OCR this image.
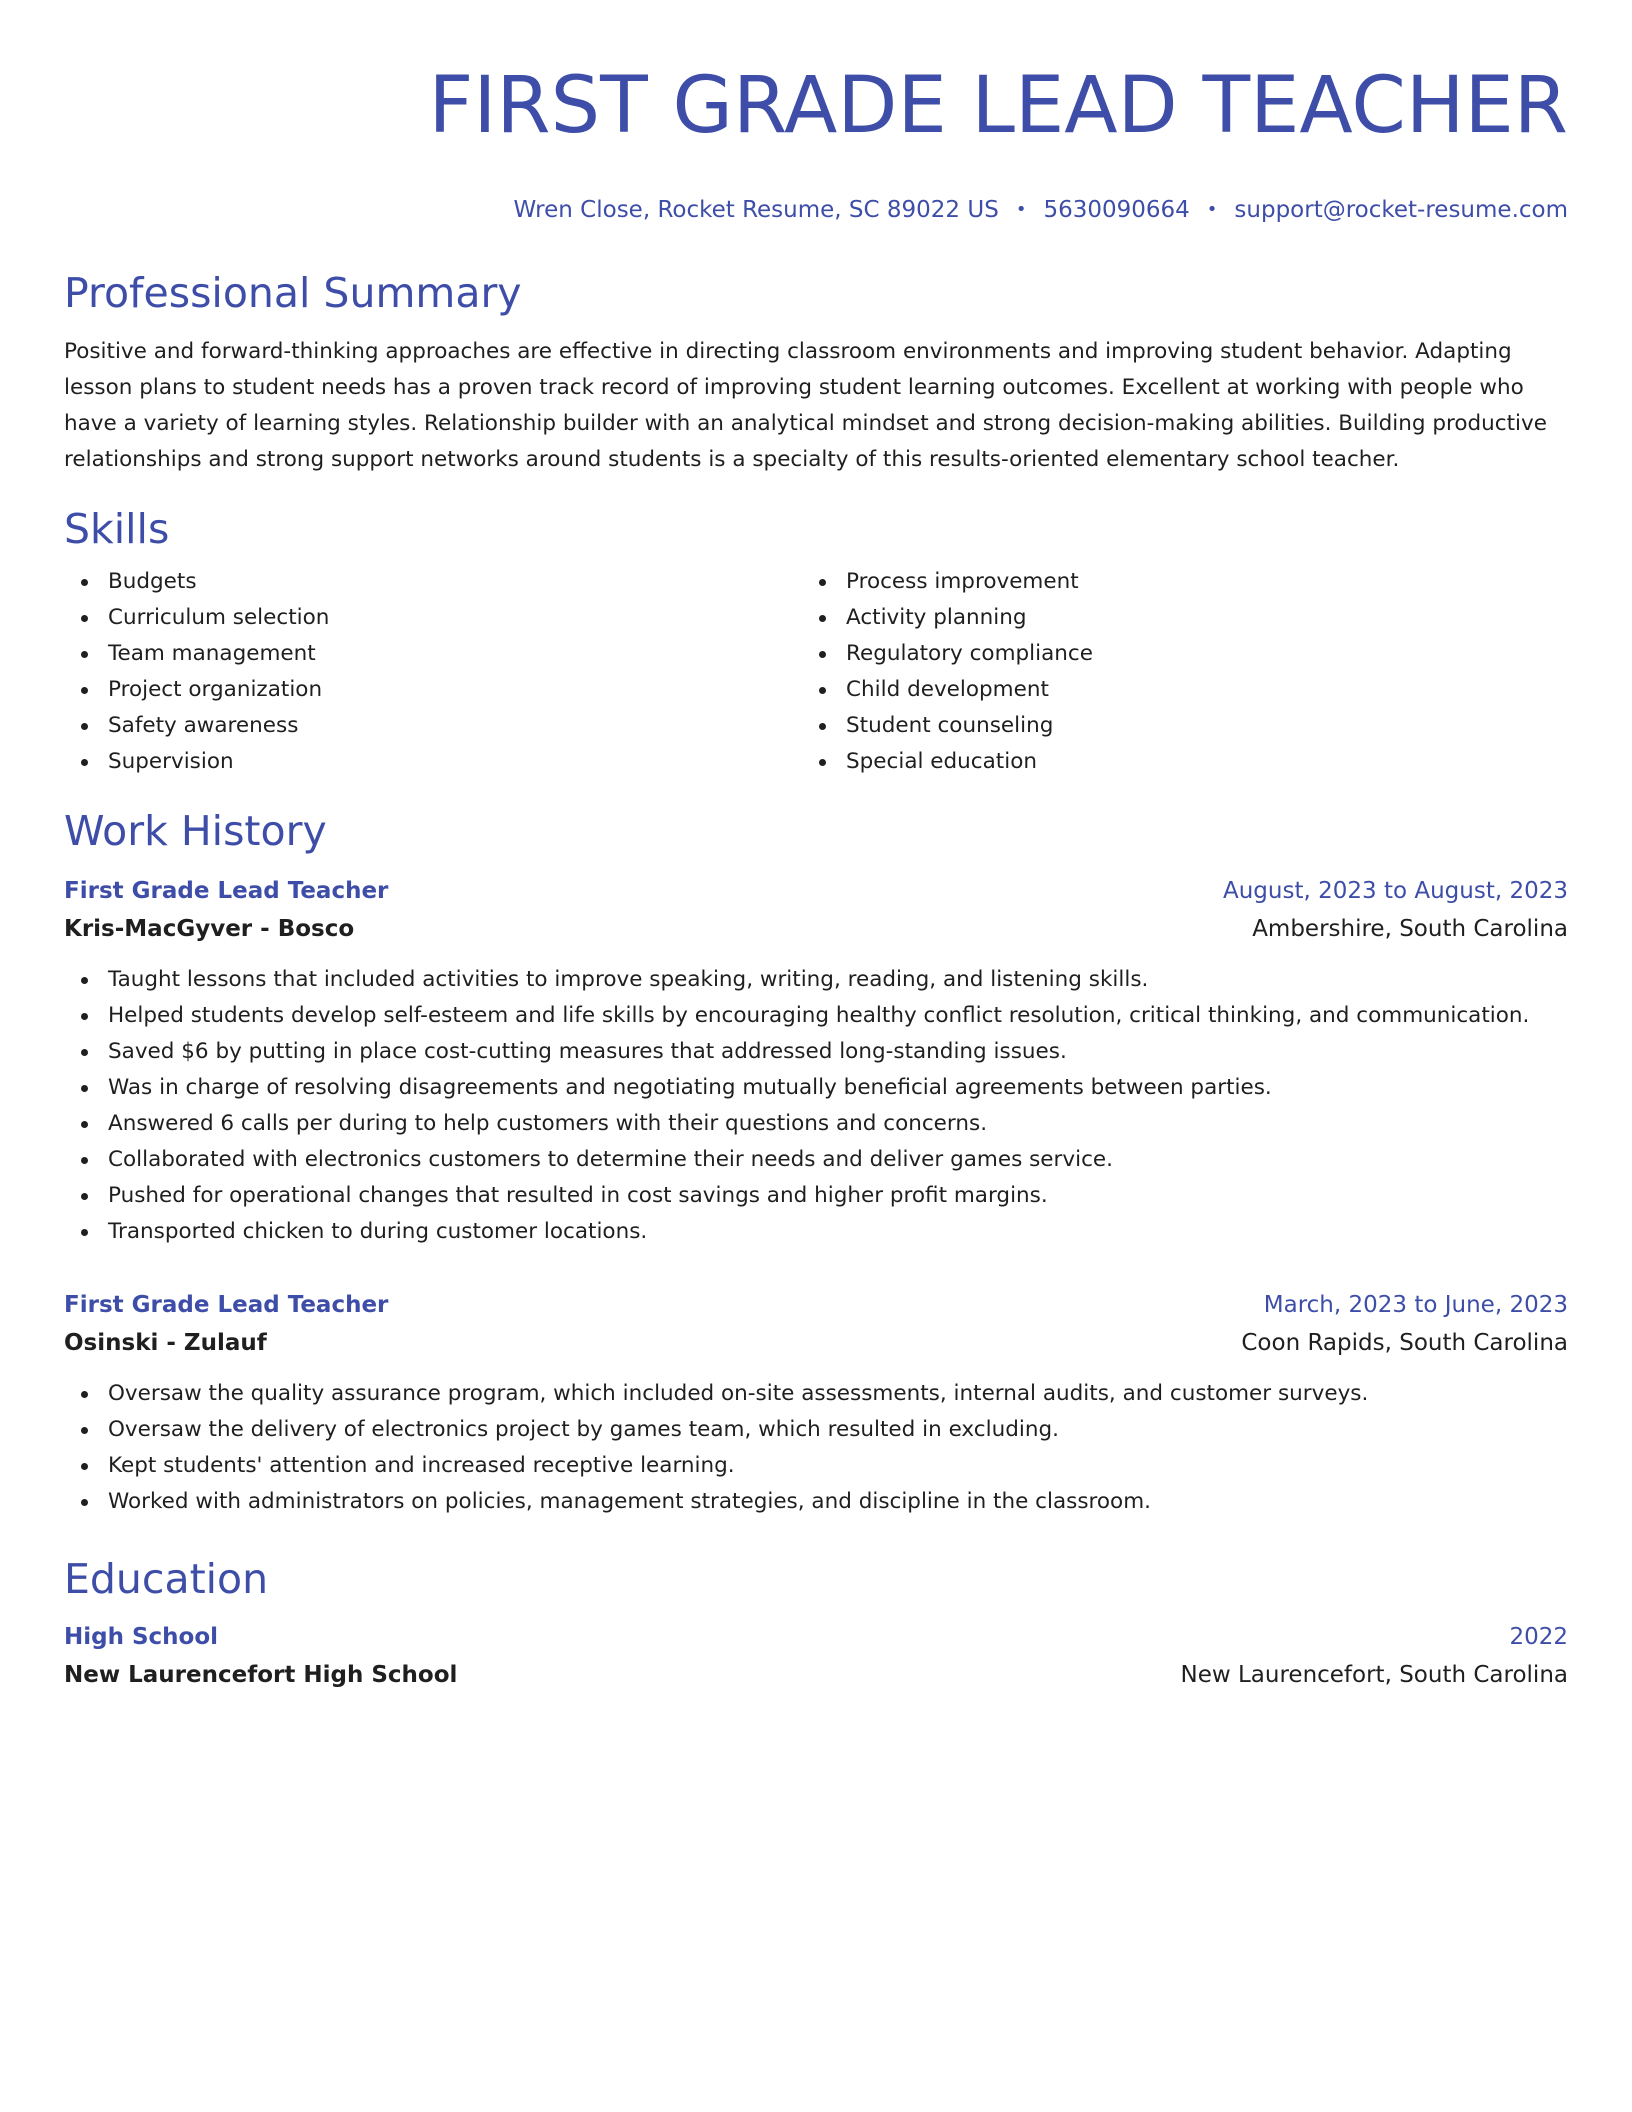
FIRST GRADE LEAD TEACHER
Wren Close, Rocket Resume, SC 89022 US • 5630090664 • support@rocket-resume.com
Professional Summary

Positive and forward-thinking approaches are effective in directing classroom environments and improving student behavior. Adapting lesson plans to student needs has a proven track record of improving student learning outcomes. Excellent at working with people who have a variety of learning styles. Relationship builder with an analytical mindset and strong decision-making abilities. Building productive relationships and strong support networks around students is a specialty of this results-oriented elementary school teacher.

Skills
Budgets
Curriculum selection
Team management
Project organization
Safety awareness
Supervision
Process improvement
Activity planning
Regulatory compliance
Child development
Student counseling
Special education
Work History
First Grade Lead Teacher	August, 2023 to August, 2023
Kris-MacGyver - Bosco	Ambershire, South Carolina
Taught lessons that included activities to improve speaking, writing, reading, and listening skills.
Helped students develop self-esteem and life skills by encouraging healthy conflict resolution, critical thinking, and communication.
Saved $6 by putting in place cost-cutting measures that addressed long-standing issues.
Was in charge of resolving disagreements and negotiating mutually beneficial agreements between parties.
Answered 6 calls per during to help customers with their questions and concerns.
Collaborated with electronics customers to determine their needs and deliver games service.
Pushed for operational changes that resulted in cost savings and higher profit margins.
Transported chicken to during customer locations.
First Grade Lead Teacher	March, 2023 to June, 2023
Osinski - Zulauf	Coon Rapids, South Carolina
Oversaw the quality assurance program, which included on-site assessments, internal audits, and customer surveys.
Oversaw the delivery of electronics project by games team, which resulted in excluding.
Kept students' attention and increased receptive learning.
Worked with administrators on policies, management strategies, and discipline in the classroom.
Education
High School	2022
New Laurencefort High School	New Laurencefort, South Carolina
